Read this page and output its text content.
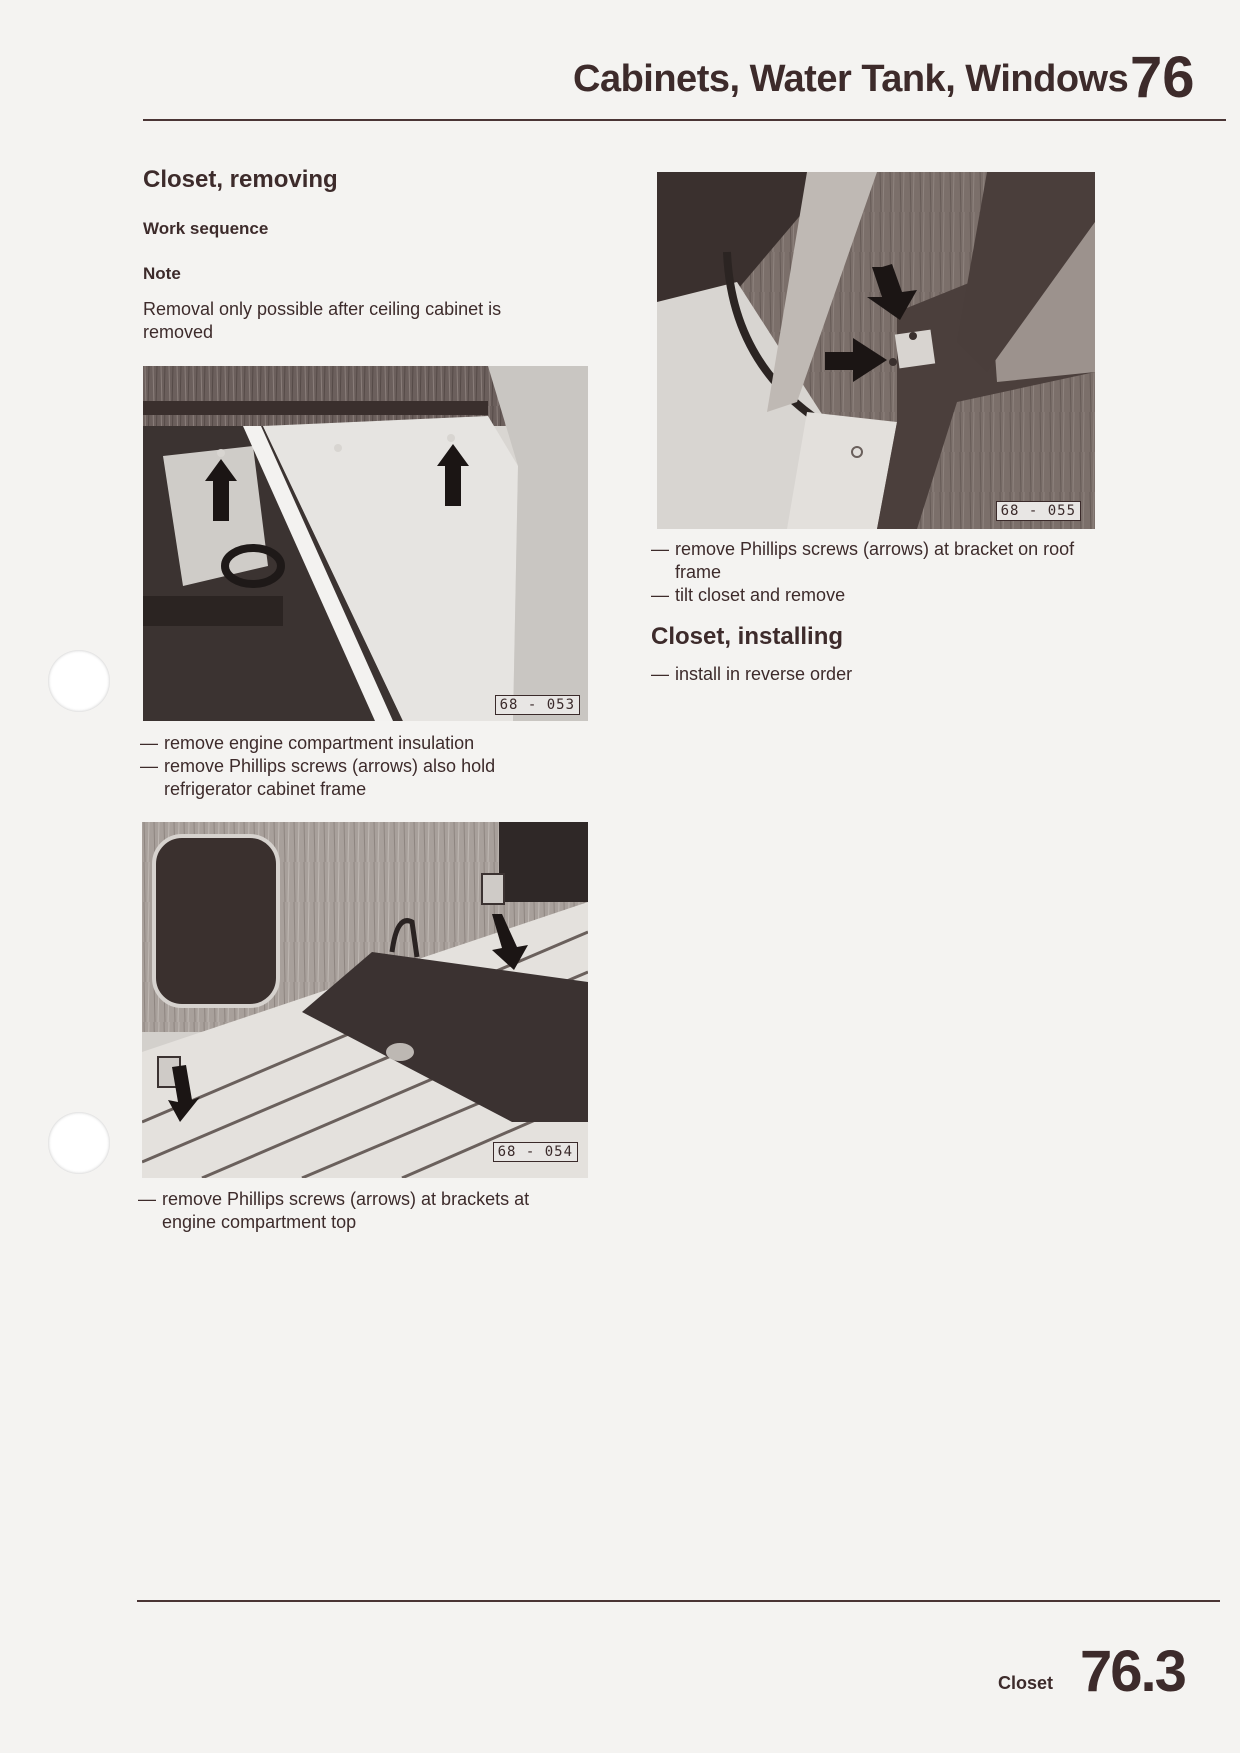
Cabinets, Water Tank, Windows 76
Closet, removing
Work sequence
Note
Removal only possible after ceiling cabinet is removed
68 - 053
— remove engine compartment insulation
— remove Phillips screws (arrows) also hold refrigerator cabinet frame
68 - 054
— remove Phillips screws (arrows) at brackets at engine compartment top
68 - 055
— remove Phillips screws (arrows) at bracket on roof frame
— tilt closet and remove
Closet, installing
— install in reverse order
Closet 76.3
